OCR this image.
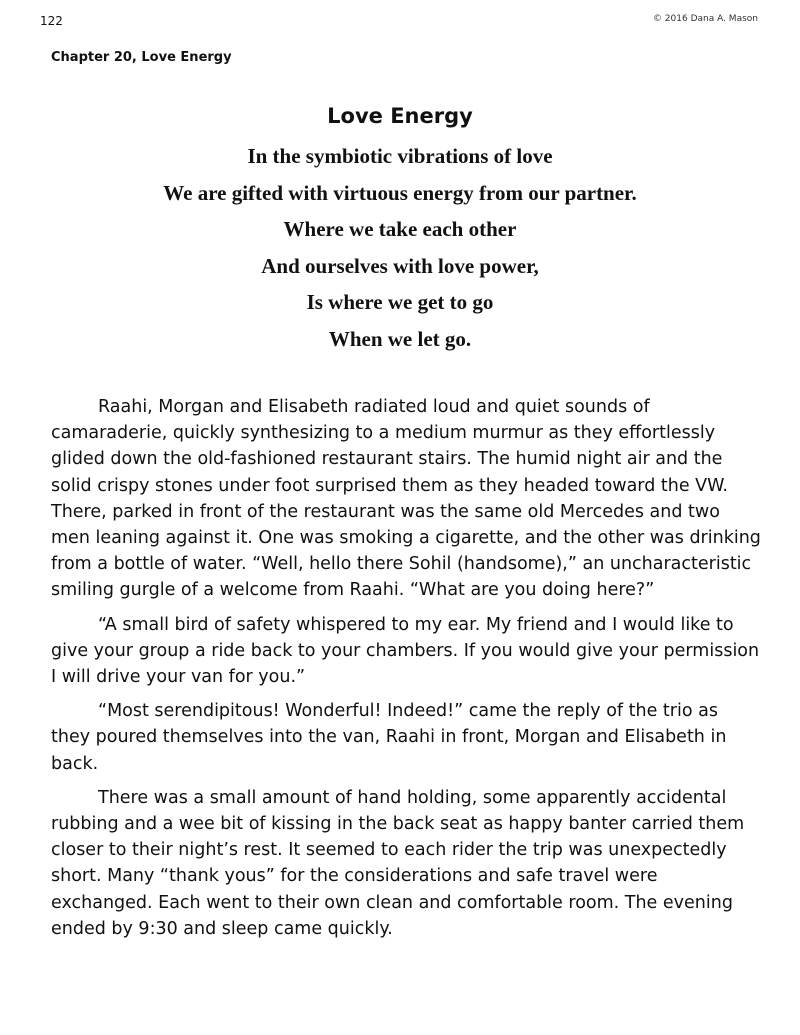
122	© 2016 Dana A. Mason
Chapter 20, Love Energy
Love Energy
In the symbiotic vibrations of love
We are gifted with virtuous energy from our partner.
Where we take each other
And ourselves with love power,
Is where we get to go
When we let go.

Raahi, Morgan and Elisabeth radiated loud and quiet sounds of camaraderie, quickly synthesizing to a medium murmur as they effortlessly glided down the old-fashioned restaurant stairs. The humid night air and the solid crispy stones under foot surprised them as they headed toward the VW. There, parked in front of the restaurant was the same old Mercedes and two men leaning against it. One was smoking a cigarette, and the other was drinking from a bottle of water. “Well, hello there Sohil (handsome),” an uncharacteristic smiling gurgle of a welcome from Raahi. “What are you doing here?”

“A small bird of safety whispered to my ear. My friend and I would like to give your group a ride back to your chambers. If you would give your permission I will drive your van for you.”

“Most serendipitous! Wonderful! Indeed!” came the reply of the trio as they poured themselves into the van, Raahi in front, Morgan and Elisabeth in back.

There was a small amount of hand holding, some apparently accidental rubbing and a wee bit of kissing in the back seat as happy banter carried them closer to their night’s rest. It seemed to each rider the trip was unexpectedly short. Many “thank yous” for the considerations and safe travel were exchanged. Each went to their own clean and comfortable room. The evening ended by 9:30 and sleep came quickly.
